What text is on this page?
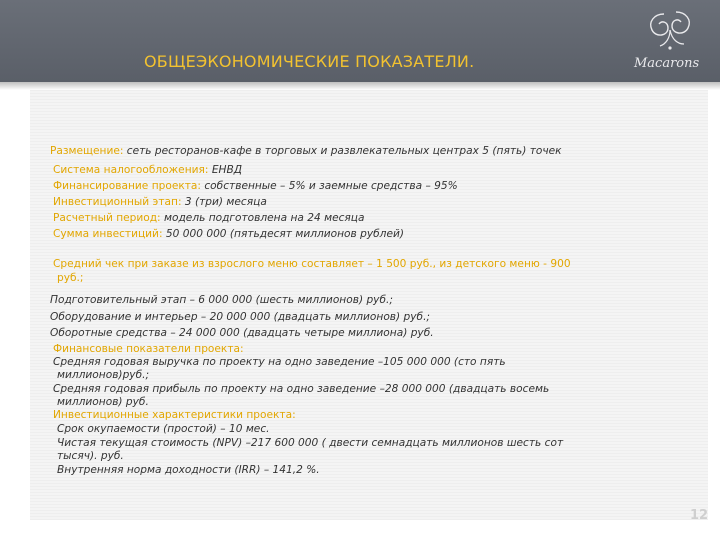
ОБЩЕЭКОНОМИЧЕСКИЕ ПОКАЗАТЕЛИ.	Macarons
Размещение: сеть ресторанов-кафе в торговых и развлекательных центрах 5 (пять) точек
Система налогообложения: ЕНВД
Финансирование проекта: собственные – 5% и заемные средства – 95%
Инвестиционный этап: 3 (три) месяца
Расчетный период: модель подготовлена на 24 месяца
Сумма инвестиций: 50 000 000 (пятьдесят миллионов рублей)
Средний чек при заказе из взрослого меню составляет – 1 500 руб., из детского меню - 900
руб.;
Подготовительный этап – 6 000 000 (шесть миллионов) руб.;
Оборудование и интерьер – 20 000 000 (двадцать миллионов) руб.;
Оборотные средства – 24 000 000 (двадцать четыре миллиона) руб.
Финансовые показатели проекта:
Средняя годовая выручка по проекту на одно заведение –105 000 000 (сто пять
миллионов)руб.;
Средняя годовая прибыль по проекту на одно заведение –28 000 000 (двадцать восемь
миллионов) руб.
Инвестиционные характеристики проекта:
Срок окупаемости (простой) – 10 мес.
Чистая текущая стоимость (NPV) –217 600 000 ( двести семнадцать миллионов шесть сот
тысяч). руб.
Внутренняя норма доходности (IRR) – 141,2 %.
12
